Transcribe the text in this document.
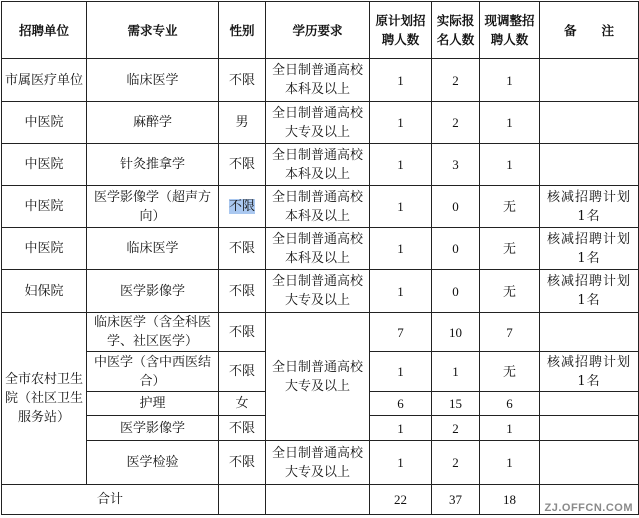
招聘单位	需求专业	性别	学历要求	原计划招聘人数	实际报名人数	现调整招聘人数	备　　注
市属医疗单位	临床医学	不限	全日制普通高校本科及以上	1	2	1	
中医院	麻醉学	男	全日制普通高校大专及以上	1	2	1	
中医院	针灸推拿学	不限	全日制普通高校本科及以上	1	3	1	
中医院	医学影像学（超声方向）	不限	全日制普通高校本科及以上	1	0	无	核减招聘计划1名
中医院	临床医学	不限	全日制普通高校本科及以上	1	0	无	核减招聘计划1名
妇保院	医学影像学	不限	全日制普通高校大专及以上	1	0	无	核减招聘计划1名
全市农村卫生院（社区卫生服务站）	临床医学（含全科医学、社区医学）	不限	全日制普通高校大专及以上	7	10	7	
	中医学（含中西医结合）	不限		1	1	无	核减招聘计划1名
	护理	女		6	15	6	
	医学影像学	不限		1	2	1	
	医学检验	不限	全日制普通高校大专及以上	1	2	1	
合计				22	37	18	
ZJ.OFFCN.COM
